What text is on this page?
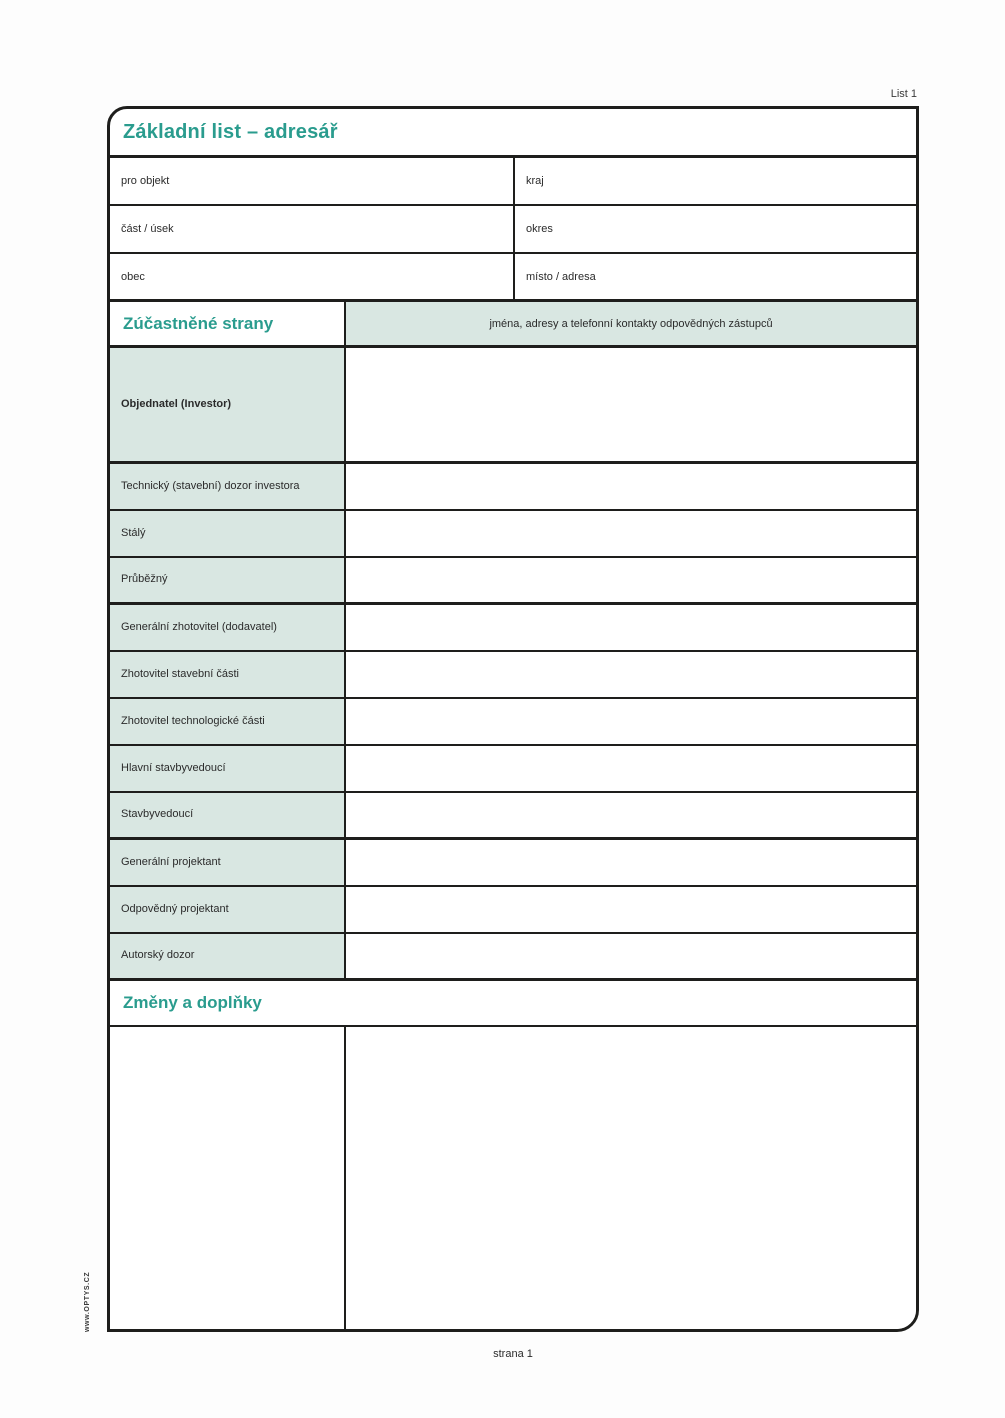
List 1
Základní list – adresář
pro objekt	kraj
část / úsek	okres
obec	místo / adresa
Zúčastněné strany	jména, adresy a telefonní kontakty odpovědných zástupců
Objednatel (Investor)
Technický (stavební) dozor investora
Stálý
Průběžný
Generální zhotovitel (dodavatel)
Zhotovitel stavební části
Zhotovitel technologické části
Hlavní stavbyvedoucí
Stavbyvedoucí
Generální projektant
Odpovědný projektant
Autorský dozor
Změny a doplňky
www.OPTYS.CZ
strana 1
